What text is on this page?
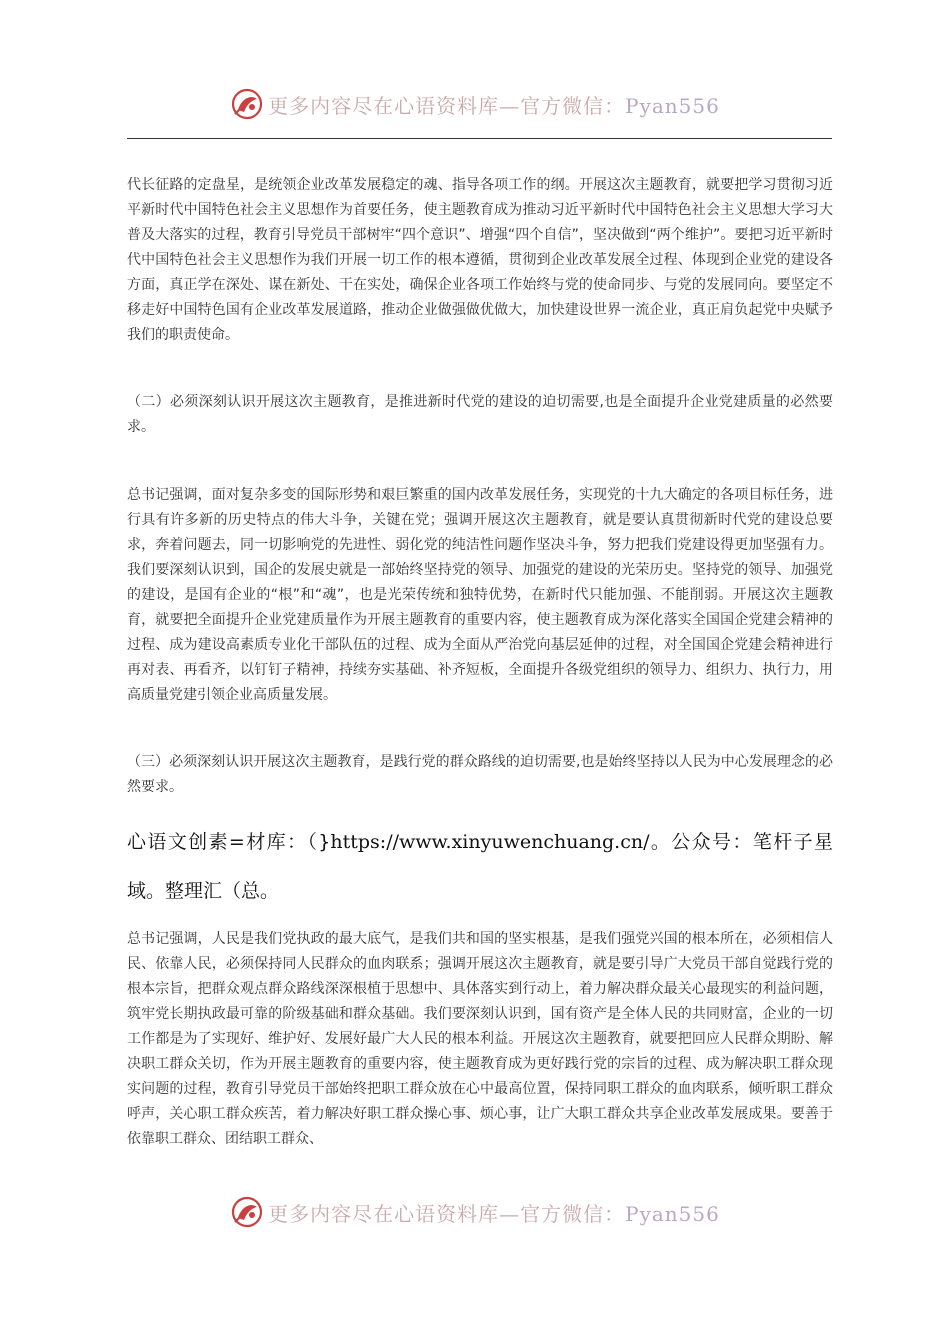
更多内容尽在心语资料库—官方微信：Pyan556

代长征路的定盘星，是统领企业改革发展稳定的魂、指导各项工作的纲。开展这次主题教育，就要把学习贯彻习近平新时代中国特色社会主义思想作为首要任务，使主题教育成为推动习近平新时代中国特色社会主义思想大学习大普及大落实的过程，教育引导党员干部树牢“四个意识”、增强“四个自信”，坚决做到“两个维护”。要把习近平新时代中国特色社会主义思想作为我们开展一切工作的根本遵循，贯彻到企业改革发展全过程、体现到企业党的建设各方面，真正学在深处、谋在新处、干在实处，确保企业各项工作始终与党的使命同步、与党的发展同向。要坚定不移走好中国特色国有企业改革发展道路，推动企业做强做优做大，加快建设世界一流企业，真正肩负起党中央赋予我们的职责使命。

（二）必须深刻认识开展这次主题教育，是推进新时代党的建设的迫切需要,也是全面提升企业党建质量的必然要求。

总书记强调，面对复杂多变的国际形势和艰巨繁重的国内改革发展任务，实现党的十九大确定的各项目标任务，进行具有许多新的历史特点的伟大斗争，关键在党；强调开展这次主题教育，就是要认真贯彻新时代党的建设总要求，奔着问题去，同一切影响党的先进性、弱化党的纯洁性问题作坚决斗争，努力把我们党建设得更加坚强有力。我们要深刻认识到，国企的发展史就是一部始终坚持党的领导、加强党的建设的光荣历史。坚持党的领导、加强党的建设，是国有企业的“根”和“魂”，也是光荣传统和独特优势，在新时代只能加强、不能削弱。开展这次主题教育，就要把全面提升企业党建质量作为开展主题教育的重要内容，使主题教育成为深化落实全国国企党建会精神的过程、成为建设高素质专业化干部队伍的过程、成为全面从严治党向基层延伸的过程，对全国国企党建会精神进行再对表、再看齐，以钉钉子精神，持续夯实基础、补齐短板，全面提升各级党组织的领导力、组织力、执行力，用高质量党建引领企业高质量发展。

（三）必须深刻认识开展这次主题教育，是践行党的群众路线的迫切需要,也是始终坚持以人民为中心发展理念的必然要求。

心语文创素=材库：（}https://www.xinyuwenchuang.cn/。公众号：笔杆子星域。整理汇（总。

总书记强调，人民是我们党执政的最大底气，是我们共和国的坚实根基，是我们强党兴国的根本所在，必须相信人民、依靠人民，必须保持同人民群众的血肉联系；强调开展这次主题教育，就是要引导广大党员干部自觉践行党的根本宗旨，把群众观点群众路线深深根植于思想中、具体落实到行动上，着力解决群众最关心最现实的利益问题，筑牢党长期执政最可靠的阶级基础和群众基础。我们要深刻认识到，国有资产是全体人民的共同财富，企业的一切工作都是为了实现好、维护好、发展好最广大人民的根本利益。开展这次主题教育，就要把回应人民群众期盼、解决职工群众关切，作为开展主题教育的重要内容，使主题教育成为更好践行党的宗旨的过程、成为解决职工群众现实问题的过程，教育引导党员干部始终把职工群众放在心中最高位置，保持同职工群众的血肉联系，倾听职工群众呼声，关心职工群众疾苦，着力解决好职工群众操心事、烦心事，让广大职工群众共享企业改革发展成果。要善于依靠职工群众、团结职工群众、

更多内容尽在心语资料库—官方微信：Pyan556
